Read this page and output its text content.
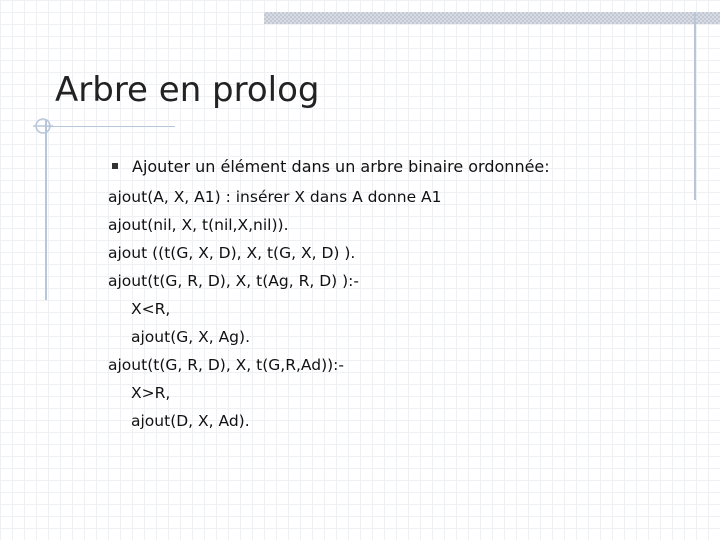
Arbre en prolog
Ajouter un élément dans un arbre binaire ordonnée:
ajout(A, X, A1) : insérer X dans A donne A1
ajout(nil, X, t(nil,X,nil)).
ajout ((t(G, X, D), X, t(G, X, D) ).
ajout(t(G, R, D), X, t(Ag, R, D) ):-
X<R,
ajout(G, X, Ag).
ajout(t(G, R, D), X, t(G,R,Ad)):-
X>R,
ajout(D, X, Ad).
